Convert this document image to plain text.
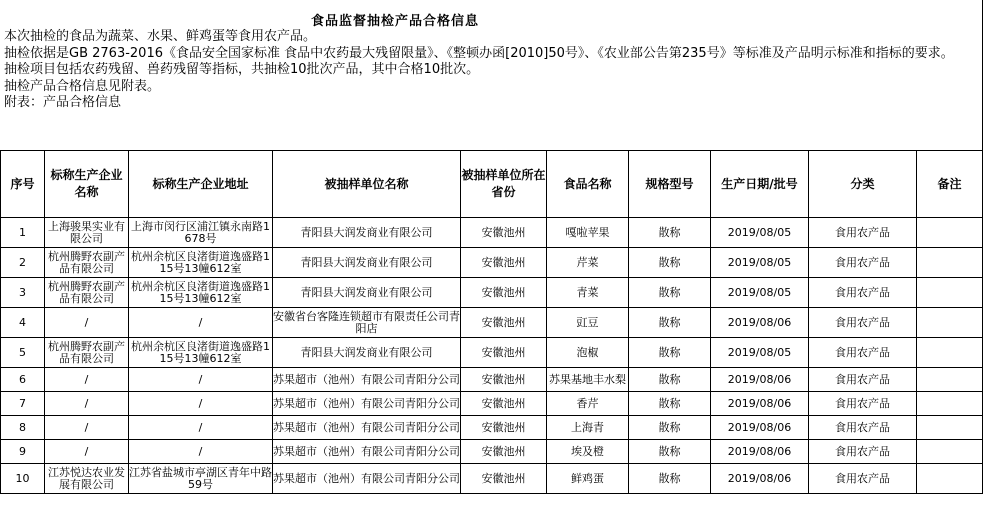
食品监督抽检产品合格信息
本次抽检的食品为蔬菜、水果、鲜鸡蛋等食用农产品。
抽检依据是GB 2763-2016《食品安全国家标准 食品中农药最大残留限量》、《整顿办函[2010]50号》、《农业部公告第235号》等标准及产品明示标准和指标的要求。
抽检项目包括农药残留、兽药残留等指标，共抽检10批次产品，其中合格10批次。
抽检产品合格信息见附表。
附表：产品合格信息
序号	标称生产企业名称	标称生产企业地址	被抽样单位名称	被抽样单位所在省份	食品名称	规格型号	生产日期/批号	分类	备注

1	上海骏果实业有限公司	上海市闵行区浦江镇永南路1678号	青阳县大润发商业有限公司	安徽池州	嘎啦苹果	散称	2019/08/05	食用农产品	

2	杭州腾野农副产品有限公司	杭州余杭区良渚街道逸盛路115号13幢612室	青阳县大润发商业有限公司	安徽池州	芹菜	散称	2019/08/05	食用农产品	

3	杭州腾野农副产品有限公司	杭州余杭区良渚街道逸盛路115号13幢612室	青阳县大润发商业有限公司	安徽池州	青菜	散称	2019/08/05	食用农产品	

4	/	/	安徽省台客隆连锁超市有限责任公司青阳店	安徽池州	豇豆	散称	2019/08/06	食用农产品	

5	杭州腾野农副产品有限公司	杭州余杭区良渚街道逸盛路115号13幢612室	青阳县大润发商业有限公司	安徽池州	泡椒	散称	2019/08/05	食用农产品	

6	/	/	苏果超市（池州）有限公司青阳分公司	安徽池州	苏果基地丰水梨	散称	2019/08/06	食用农产品	

7	/	/	苏果超市（池州）有限公司青阳分公司	安徽池州	香芹	散称	2019/08/06	食用农产品	

8	/	/	苏果超市（池州）有限公司青阳分公司	安徽池州	上海青	散称	2019/08/06	食用农产品	

9	/	/	苏果超市（池州）有限公司青阳分公司	安徽池州	埃及橙	散称	2019/08/06	食用农产品	

10	江苏悦达农业发展有限公司	江苏省盐城市亭湖区青年中路59号	苏果超市（池州）有限公司青阳分公司	安徽池州	鲜鸡蛋	散称	2019/08/06	食用农产品	
